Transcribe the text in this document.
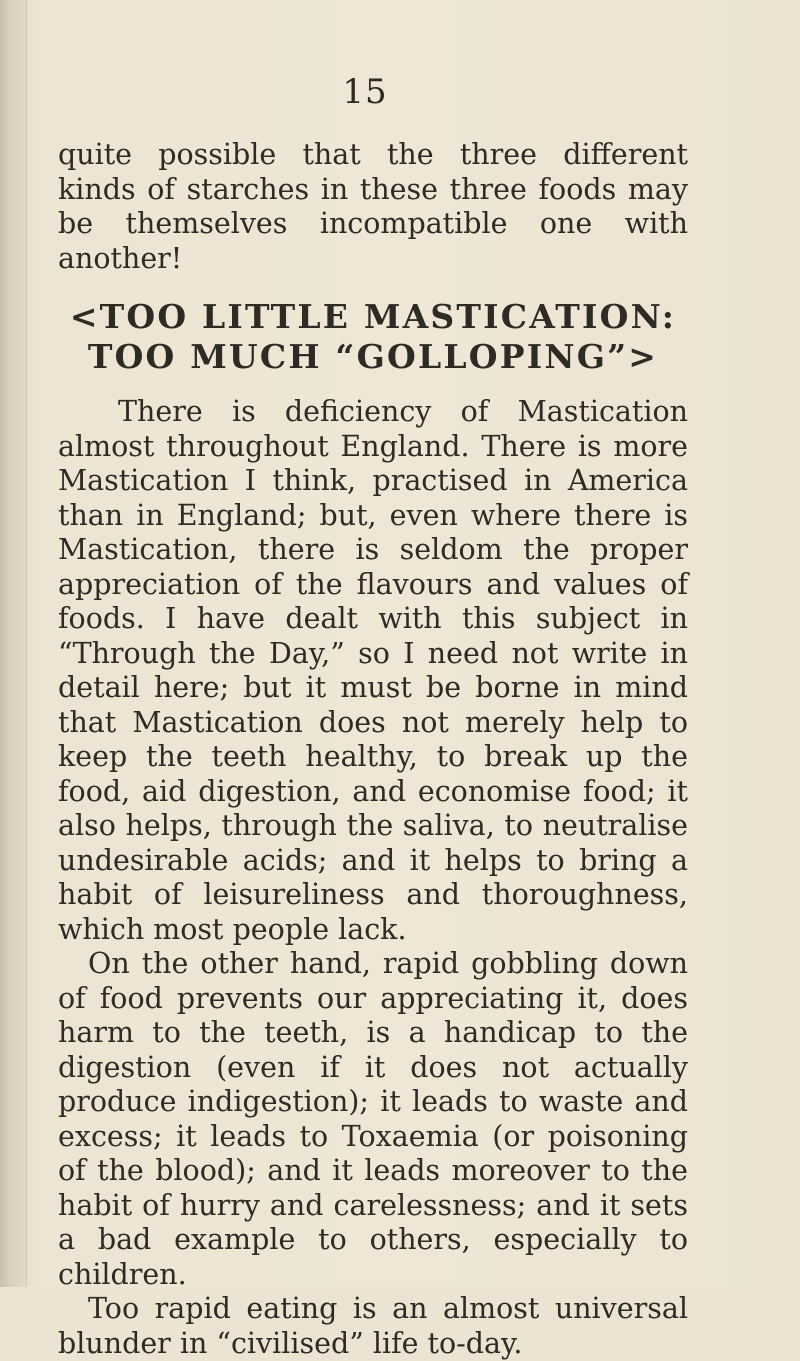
15

quite possible that the three different kinds of starches in these three foods may be themselves incompatible one with another!

<TOO LITTLE MASTICATION: TOO MUCH “GOLLOPING”>

There is deficiency of Mastication almost throughout England. There is more Mastication I think, practised in America than in England; but, even where there is Mastication, there is seldom the proper appreciation of the flavours and values of foods. I have dealt with this subject in “Through the Day,” so I need not write in detail here; but it must be borne in mind that Mastication does not merely help to keep the teeth healthy, to break up the food, aid digestion, and economise food; it also helps, through the saliva, to neutralise undesirable acids; and it helps to bring a habit of leisureliness and thoroughness, which most people lack.

On the other hand, rapid gobbling down of food prevents our appreciating it, does harm to the teeth, is a handicap to the digestion (even if it does not actually produce indigestion); it leads to waste and excess; it leads to Toxaemia (or poisoning of the blood); and it leads moreover to the habit of hurry and carelessness; and it sets a bad example to others, especially to children.

Too rapid eating is an almost universal blunder in “civilised” life to-day.
